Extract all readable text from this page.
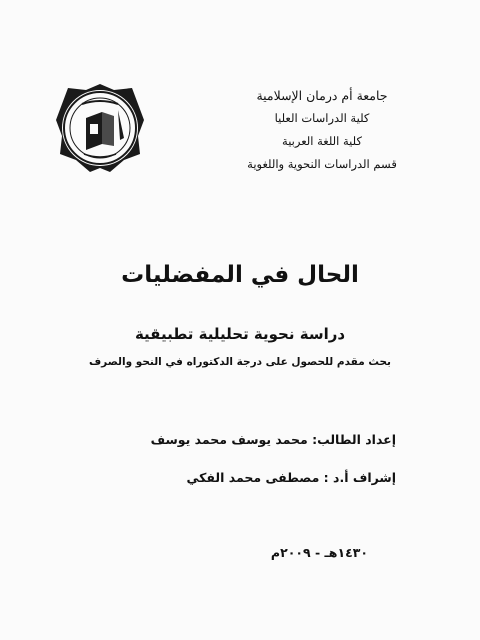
جامعة أم درمان الإسلامية
كلية الدراسات العليا
كلية اللغة العربية
قسم الدراسات النحوية واللغوية
الحال في المفضليات
دراسة نحوية تحليلية تطبيقية
بحث مقدم للحصول على درجة الدكتوراه في النحو والصرف
إعداد الطالب: محمد يوسف محمد يوسف
إشراف أ.د : مصطفى محمد الفكي
١٤٣٠هـ - ٢٠٠٩م
